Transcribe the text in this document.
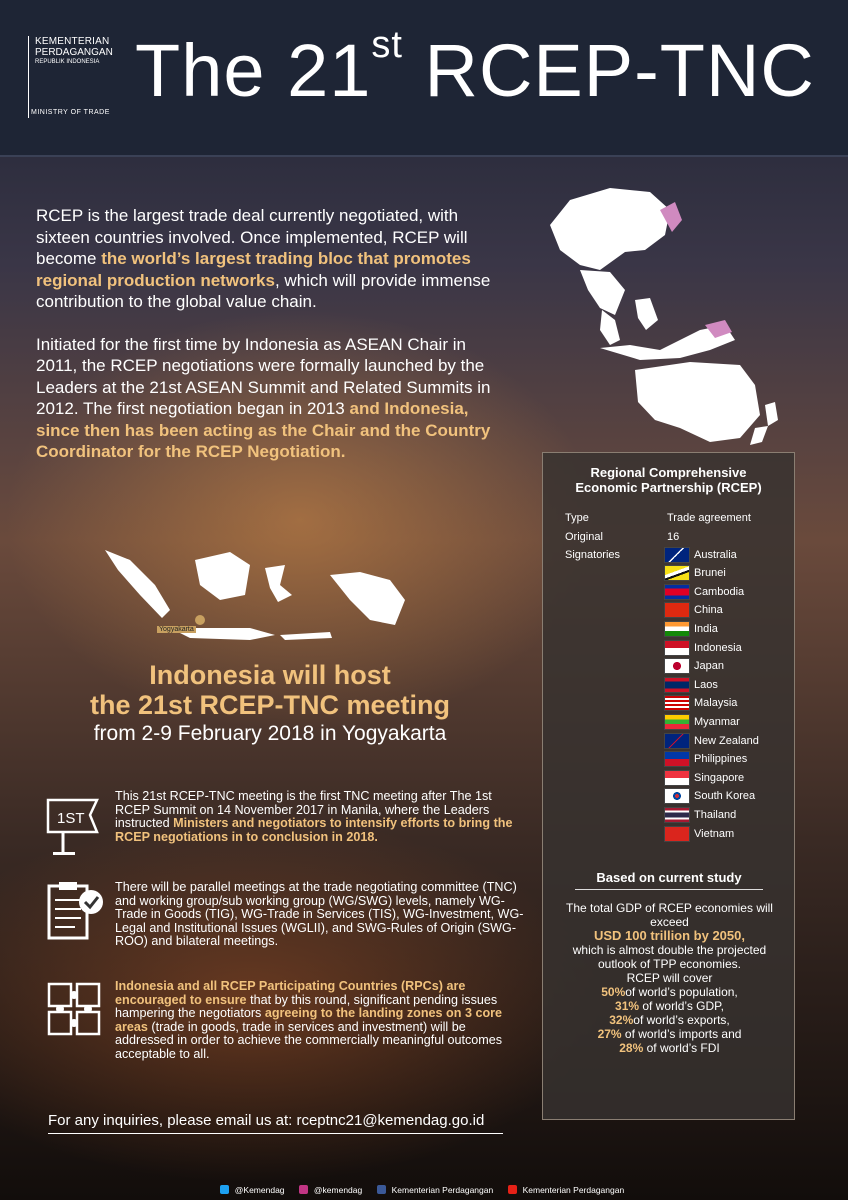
KEMENTERIAN
PERDAGANGAN
REPUBLIK INDONESIA
MINISTRY OF TRADE
The 21st RCEP-TNC

RCEP is the largest trade deal currently negotiated, with sixteen countries involved. Once implemented, RCEP will become the world’s largest trading bloc that promotes regional production networks, which will provide immense contribution to the global value chain.

Initiated for the first time by Indonesia as ASEAN Chair in 2011, the RCEP negotiations were formally launched by the Leaders at the 21st ASEAN Summit and Related Summits in 2012. The first negotiation began in 2013 and Indonesia, since then has been acting as the Chair and the Country Coordinator for the RCEP Negotiation.

Yogyakarta
Indonesia will host
the 21st RCEP-TNC meeting
from 2-9 February 2018 in Yogyakarta
1ST
This 21st RCEP-TNC meeting is the first TNC meeting after The 1st RCEP Summit on 14 November 2017 in Manila, where the Leaders instructed Ministers and negotiators to intensify efforts to bring the RCEP negotiations in to conclusion in 2018.
There will be parallel meetings at the trade negotiating committee (TNC) and working group/sub working group (WG/SWG) levels, namely WG-Trade in Goods (TIG), WG-Trade in Services (TIS), WG-Investment, WG-Legal and Institutional Issues (WGLII), and SWG-Rules of Origin (SWG-ROO) and bilateral meetings.
Indonesia and all RCEP Participating Countries (RPCs) are encouraged to ensure that by this round, significant pending issues hampering the negotiators agreeing to the landing zones on 3 core areas (trade in goods, trade in services and investment) will be addressed in order to achieve the commercially meaningful outcomes acceptable to all.
For any inquiries, please email us at: rceptnc21@kemendag.go.id
@Kemendag	@kemendag	Kementerian Perdagangan	Kementerian Perdagangan
Regional Comprehensive
Economic Partnership (RCEP)
Type	Trade agreement
Original	16
Signatories	Australia
Brunei
Cambodia
China
India
Indonesia
Japan
Laos
Malaysia
Myanmar
New Zealand
Philippines
Singapore
South Korea
Thailand
Vietnam
Based on current study
The total GDP of RCEP economies will exceed
USD 100 trillion by 2050,
which is almost double the projected outlook of TPP economies.
RCEP will cover
50%of world’s population,
31% of world’s GDP,
32%of world’s exports,
27% of world’s imports and
28% of world’s FDI
